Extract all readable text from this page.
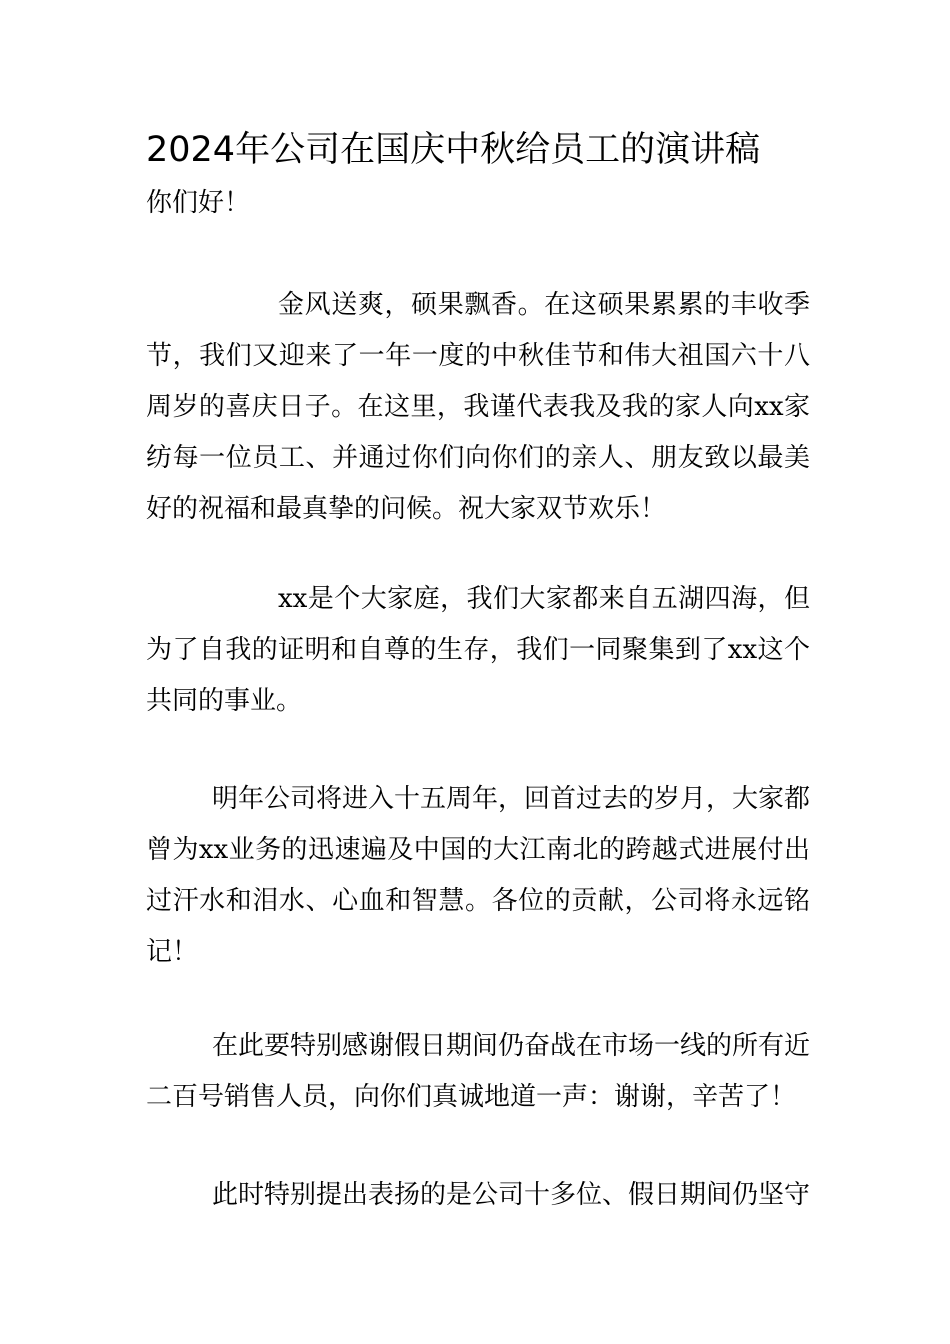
2024年公司在国庆中秋给员工的演讲稿
你们好！
金风送爽，硕果飘香。在这硕果累累的丰收季
节，我们又迎来了一年一度的中秋佳节和伟大祖国六十八
周岁的喜庆日子。在这里，我谨代表我及我的家人向xx家
纺每一位员工、并通过你们向你们的亲人、朋友致以最美
好的祝福和最真挚的问候。祝大家双节欢乐！
xx是个大家庭，我们大家都来自五湖四海，但
为了自我的证明和自尊的生存，我们一同聚集到了xx这个
共同的事业。
明年公司将进入十五周年，回首过去的岁月，大家都
曾为xx业务的迅速遍及中国的大江南北的跨越式进展付出
过汗水和泪水、心血和智慧。各位的贡献，公司将永远铭
记！
在此要特别感谢假日期间仍奋战在市场一线的所有近
二百号销售人员，向你们真诚地道一声：谢谢，辛苦了！
此时特别提出表扬的是公司十多位、假日期间仍坚守
